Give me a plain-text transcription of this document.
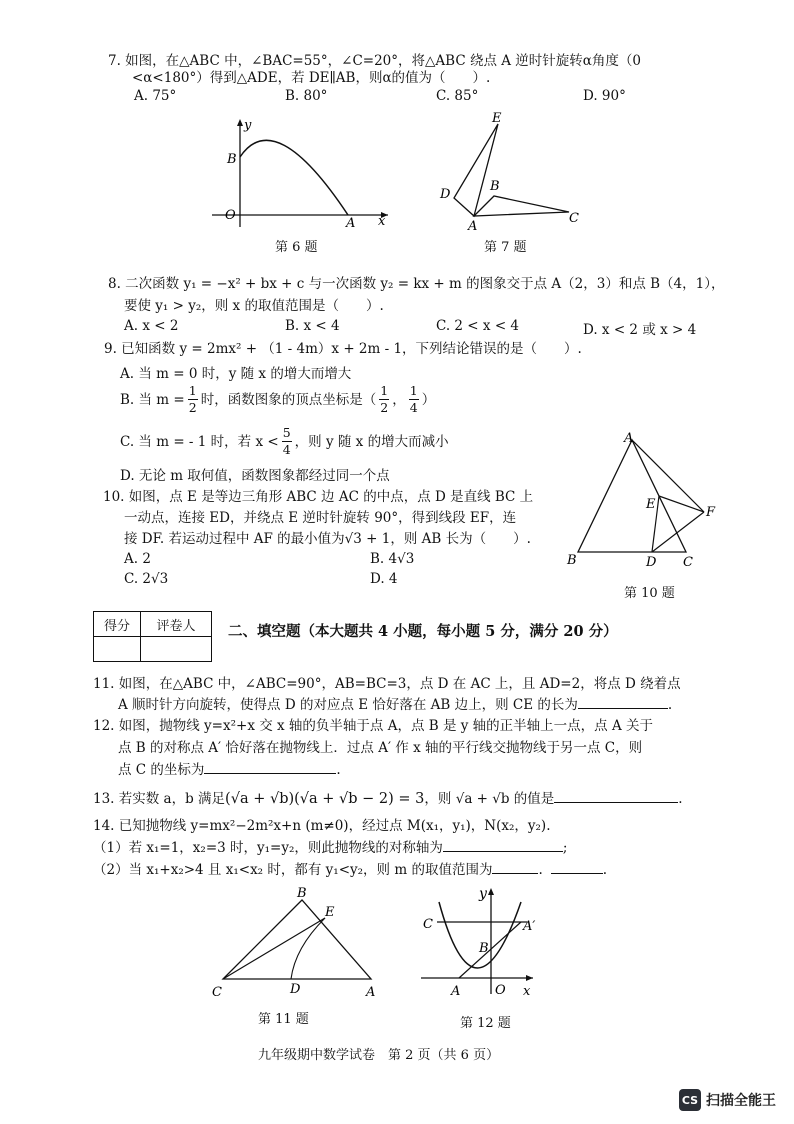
7. 如图，在△ABC 中，∠BAC=55°，∠C=20°，将△ABC 绕点 A 逆时针旋转α角度（0
<α<180°）得到△ADE，若 DE∥AB，则α的值为（　　）.
A. 75°	B. 80°	C. 85°	D. 90°
y
B
O
A x
第 6 题
E
B
D
A
C
第 7 题
8. 二次函数 y₁ = −x² + bx + c 与一次函数 y₂ = kx + m 的图象交于点 A（2，3）和点 B（4，1），
要使 y₁ > y₂，则 x 的取值范围是（　　）.
A. x < 2	B. x < 4	C. 2 < x < 4	D. x < 2 或 x > 4
9. 已知函数 y = 2mx² + （1 - 4m）x + 2m - 1，下列结论错误的是（　　）.
A. 当 m = 0 时，y 随 x 的增大而增大
B. 当 m =
1
2 时，函数图象的顶点坐标是（
1
2 ，
1
4 ）
C. 当 m = - 1 时，若 x <
5
4 ，则 y 随 x 的增大而减小
D. 无论 m 取何值，函数图象都经过同一个点
10. 如图，点 E 是等边三角形 ABC 边 AC 的中点，点 D 是直线 BC 上
一动点，连接 ED，并绕点 E 逆时针旋转 90°，得到线段 EF，连
接 DF. 若运动过程中 AF 的最小值为√3 + 1，则 AB 长为（　　）.
A. 2	B. 4√3
C. 2√3	D. 4
A
E
F
B	D C
第 10 题
得分	评卷人
	二、填空题（本大题共 4 小题，每小题 5 分，满分 20 分）
11. 如图，在△ABC 中，∠ABC=90°，AB=BC=3，点 D 在 AC 上，且 AD=2，将点 D 绕着点
A 顺时针方向旋转，使得点 D 的对应点 E 恰好落在 AB 边上，则 CE 的长为	.
12. 如图，抛物线 y=x²+x 交 x 轴的负半轴于点 A，点 B 是 y 轴的正半轴上一点，点 A 关于
点 B 的对称点 A′ 恰好落在抛物线上．过点 A′ 作 x 轴的平行线交抛物线于另一点 C，则
点 C 的坐标为	.
13. 若实数 a，b 满足(√a + √b)(√a + √b − 2) = 3，则 √a + √b 的值是	.
14. 已知抛物线 y=mx²−2m²x+n (m≠0)，经过点 M(x₁，y₁)，N(x₂，y₂).
（1）若 x₁=1，x₂=3 时，y₁=y₂，则此抛物线的对称轴为	;
（2）当 x₁+x₂>4 且 x₁<x₂ 时，都有 y₁<y₂，则 m 的取值范围为	.	.
B
E
C	D	A
第 11 题
y
C	A′
B
A	O x
第 12 题
九年级期中数学试卷　第 2 页（共 6 页）
CS 扫描全能王
